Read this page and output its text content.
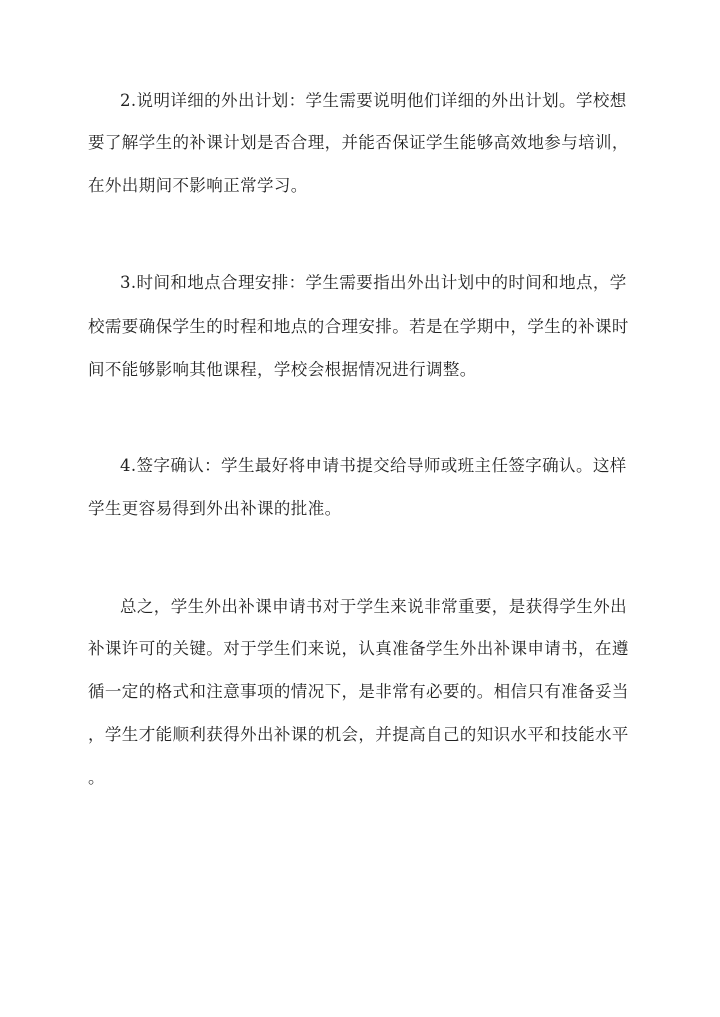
2.说明详细的外出计划：学生需要说明他们详细的外出计划。学校想
要了解学生的补课计划是否合理，并能否保证学生能够高效地参与培训，
在外出期间不影响正常学习。
3.时间和地点合理安排：学生需要指出外出计划中的时间和地点，学
校需要确保学生的时程和地点的合理安排。若是在学期中，学生的补课时
间不能够影响其他课程，学校会根据情况进行调整。
4.签字确认：学生最好将申请书提交给导师或班主任签字确认。这样
学生更容易得到外出补课的批准。
总之，学生外出补课申请书对于学生来说非常重要，是获得学生外出
补课许可的关键。对于学生们来说，认真准备学生外出补课申请书，在遵
循一定的格式和注意事项的情况下，是非常有必要的。相信只有准备妥当
，学生才能顺利获得外出补课的机会，并提高自己的知识水平和技能水平
。
